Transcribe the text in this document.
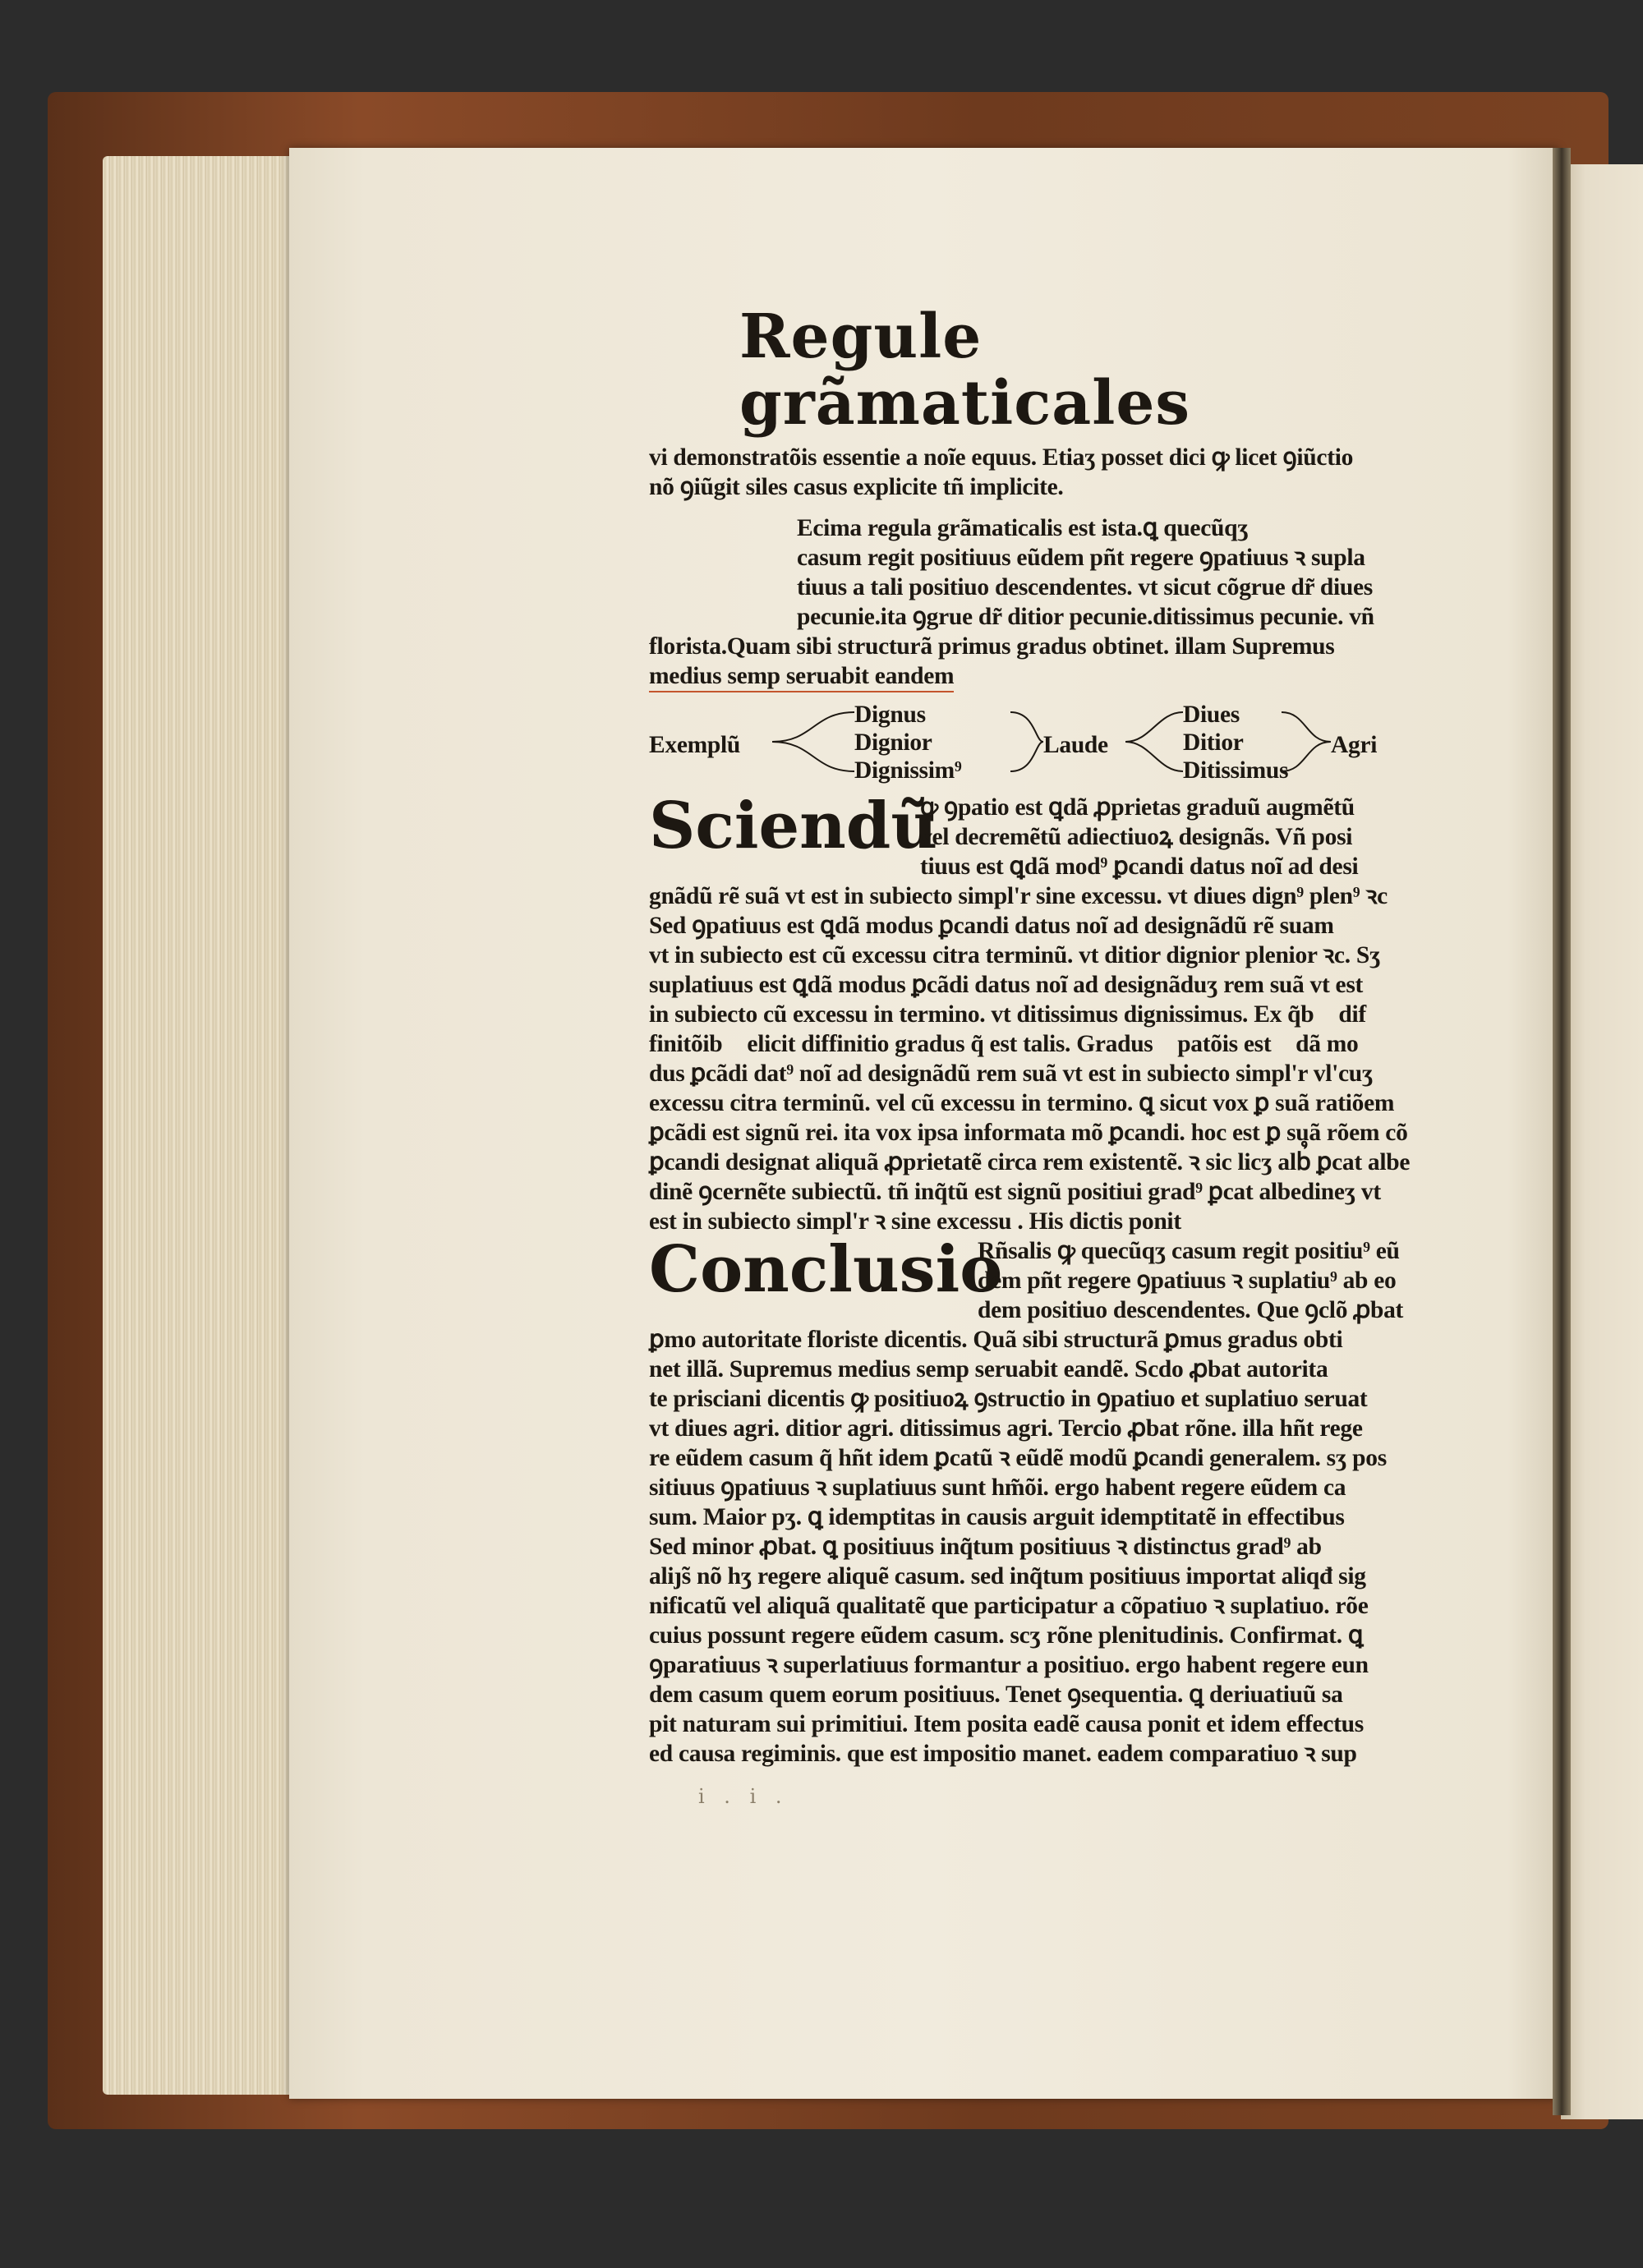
Regule grãmaticales
vi demonstratõis essentie a noĩe equus. Etiaʒ posset dici ꝙ licet ꝯiũctio
nõ ꝯiũgit siles casus explicite tñ implicite.
Ecima regula grãmaticalis est ista.ꝗ quecũqʒ
casum regit positiuus eũdem pñt regere ꝯpatiuus ꝛ supla
tiuus a tali positiuo descendentes. vt sicut cõgrue dr̃ diues
pecunie.ita ꝯgrue dr̃ ditior pecunie.ditissimus pecunie. vñ
florista.Quam sibi structurã primus gradus obtinet. illam Supremus
medius semp seruabit eandem
Exemplũ
Dignus
Dignior
Dignissim⁹
Laude
Diues
Ditior
Ditissimus
Agri
Sciendũ
ꝙ ꝯpatio est ꝗdã ꝓprietas graduũ augmẽtũ
vel decremẽtũ adiectiuoꝝ designãs. Vñ posi
tiuus est ꝗdã mod⁹ ꝑcandi datus noĩ ad desi
gnãdũ rẽ suã vt est in subiecto simpl'r sine excessu. vt diues dign⁹ plen⁹ ꝛc
Sed ꝯpatiuus est ꝗdã modus ꝑcandi datus noĩ ad designãdũ rẽ suam
vt in subiecto est cũ excessu citra terminũ. vt ditior dignior plenior ꝛc. Sʒ
suplatiuus est ꝗdã modus ꝑcãdi datus noĩ ad designãduʒ rem suã vt est
in subiecto cũ excessu in termino. vt ditissimus dignissimus. Ex q̃b᷒ dif
finitõib᷒ elicit diffinitio gradus q̃ est talis. Gradus ꝯpatõis est ꝗdã mo
dus ꝑcãdi dat⁹ noĩ ad designãdũ rem suã vt est in subiecto simpl'r vl'cuʒ
excessu citra terminũ. vel cũ excessu in termino. ꝗ sicut vox ꝑ suã ratiõem
ꝑcãdi est signũ rei. ita vox ipsa informata mõ ꝑcandi. hoc est ꝑ suã rõem cõ
ꝑcandi designat aliquã ꝓprietatẽ circa rem existentẽ. ꝛ sic licʒ alb᷒ ꝑcat albe
dinẽ ꝯcernẽte subiectũ. tñ inq̃tũ est signũ positiui grad⁹ ꝑcat albedineʒ vt
est in subiecto simpl'r ꝛ sine excessu . His dictis ponit
Conclusio
Rñsalis ꝙ quecũqʒ casum regit positiu⁹ eũ
dem pñt regere ꝯpatiuus ꝛ suplatiu⁹ ab eo
dem positiuo descendentes. Que ꝯclõ ꝓbat
ꝑmo autoritate floriste dicentis. Quã sibi structurã ꝑmus gradus obti
net illã. Supremus medius semp seruabit eandẽ. Scdo ꝓbat autorita
te prisciani dicentis ꝙ positiuoꝝ ꝯstructio in ꝯpatiuo et suplatiuo seruat
vt diues agri. ditior agri. ditissimus agri. Tercio ꝓbat rõne. illa hñt rege
re eũdem casum q̃ hñt idem ꝑcatũ ꝛ eũdẽ modũ ꝑcandi generalem. sʒ pos
sitiuus ꝯpatiuus ꝛ suplatiuus sunt hm̃õi. ergo habent regere eũdem ca
sum. Maior pʒ. ꝗ idemptitas in causis arguit idemptitatẽ in effectibus
Sed minor ꝓbat. ꝗ positiuus inq̃tum positiuus ꝛ distinctus grad⁹ ab
aliȷ̃s nõ hʒ regere aliquẽ casum. sed inq̃tum positiuus importat aliqđ sig
nificatũ vel aliquã qualitatẽ que participatur a cõpatiuo ꝛ suplatiuo. rõe
cuius possunt regere eũdem casum. scʒ rõne plenitudinis. Confirmat. ꝗ
ꝯparatiuus ꝛ superlatiuus formantur a positiuo. ergo habent regere eun
dem casum quem eorum positiuus. Tenet ꝯsequentia. ꝗ deriuatiuũ sa
pit naturam sui primitiui. Item posita eadẽ causa ponit et idem effectus
ed causa regiminis. que est impositio manet. eadem comparatiuo ꝛ sup
i . i .
